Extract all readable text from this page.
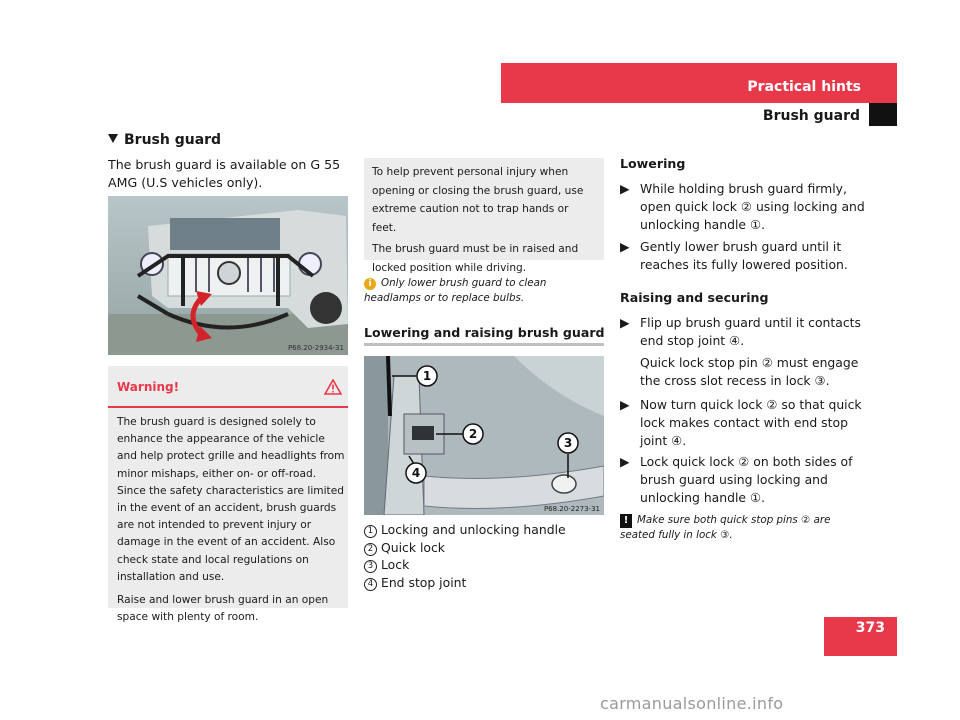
Practical hints
Brush guard
Brush guard
The brush guard is available on G 55 AMG (U.S vehicles only).
P68.20-2934-31
Warning!

The brush guard is designed solely to enhance the appearance of the vehicle and help protect grille and headlights from minor mishaps, either on- or off-road. Since the safety characteristics are limited in the event of an accident, brush guards are not intended to prevent injury or damage in the event of an accident. Also check state and local regulations on installation and use.

Raise and lower brush guard in an open space with plenty of room.

To help prevent personal injury when opening or closing the brush guard, use extreme caution not to trap hands or feet.

The brush guard must be in raised and locked position while driving.

i Only lower brush guard to clean headlamps or to replace bulbs.
Lowering and raising brush guard
1
2
3
4
P68.20-2273-31
1 Locking and unlocking handle
2 Quick lock
3 Lock
4 End stop joint
Lowering
▶ While holding brush guard firmly, open quick lock ② using locking and unlocking handle ①.
▶ Gently lower brush guard until it reaches its fully lowered position.
Raising and securing
▶ Flip up brush guard until it contacts end stop joint ④.
Quick lock stop pin ② must engage the cross slot recess in lock ③.
▶ Now turn quick lock ② so that quick lock makes contact with end stop joint ④.
▶ Lock quick lock ② on both sides of brush guard using locking and unlocking handle ①.
! Make sure both quick stop pins ② are seated fully in lock ③.
373
carmanualsonline.info
